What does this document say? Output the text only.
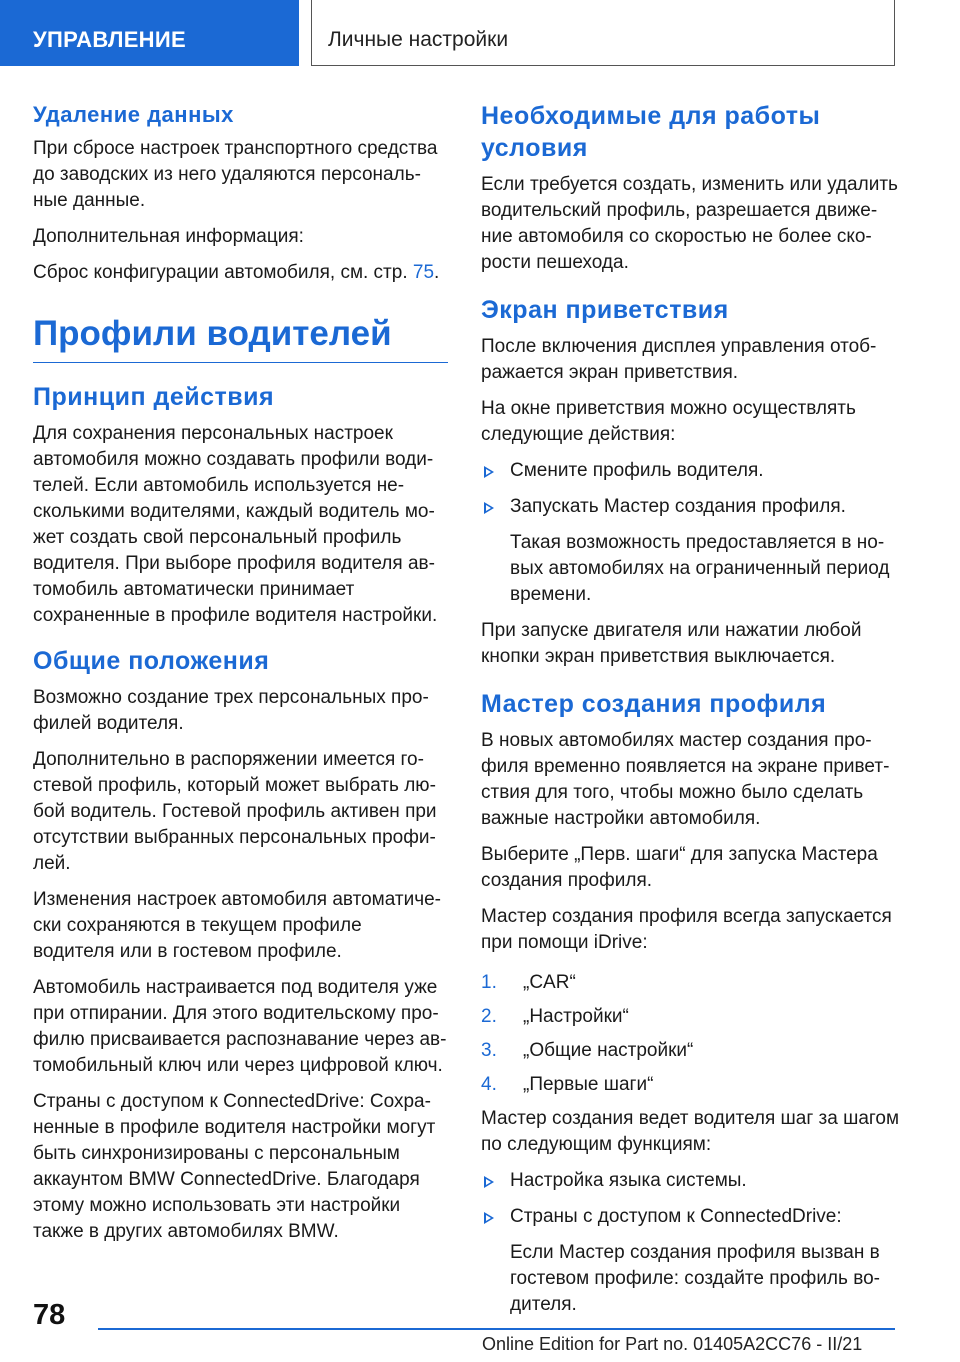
УПРАВЛЕНИЕ	Личные настройки
Удаление данных

При сбросе настроек транспортного средства до заводских из него удаляются персональные данные.

Дополнительная информация:

Сброс конфигурации автомобиля, см. стр. 75.

Профили водителей
Принцип действия

Для сохранения персональных настроек автомобиля можно создавать профили водителей. Если автомобиль используется несколькими водителями, каждый водитель может создать свой персональный профиль водителя. При выборе профиля водителя автомобиль автоматически принимает сохраненные в профиле водителя настройки.

Общие положения

Возможно создание трех персональных профилей водителя.

Дополнительно в распоряжении имеется гостевой профиль, который может выбрать любой водитель. Гостевой профиль активен при отсутствии выбранных персональных профилей.

Изменения настроек автомобиля автоматически сохраняются в текущем профиле водителя или в гостевом профиле.

Автомобиль настраивается под водителя уже при отпирании. Для этого водительскому профилю присваивается распознавание через автомобильный ключ или через цифровой ключ.

Страны с доступом к ConnectedDrive: Сохраненные в профиле водителя настройки могут быть синхронизированы с персональным аккаунтом BMW ConnectedDrive. Благодаря этому можно использовать эти настройки также в других автомобилях BMW.

Необходимые для работы условия

Если требуется создать, изменить или удалить водительский профиль, разрешается движение автомобиля со скоростью не более скорости пешехода.

Экран приветствия

После включения дисплея управления отображается экран приветствия.

На окне приветствия можно осуществлять следующие действия:

Смените профиль водителя.

Запускать Мастер создания профиля.

Такая возможность предоставляется в новых автомобилях на ограниченный период времени.

При запуске двигателя или нажатии любой кнопки экран приветствия выключается.

Мастер создания профиля

В новых автомобилях мастер создания профиля временно появляется на экране приветствия для того, чтобы можно было сделать важные настройки автомобиля.

Выберите „Перв. шаги“ для запуска Мастера создания профиля.

Мастер создания профиля всегда запускается при помощи iDrive:

1. „CAR“

2. „Настройки“

3. „Общие настройки“

4. „Первые шаги“

Мастер создания ведет водителя шаг за шагом по следующим функциям:

Настройка языка системы.

Страны с доступом к ConnectedDrive:

Если Мастер создания профиля вызван в гостевом профиле: создайте профиль водителя.

78
Online Edition for Part no. 01405A2CC76 - II/21
